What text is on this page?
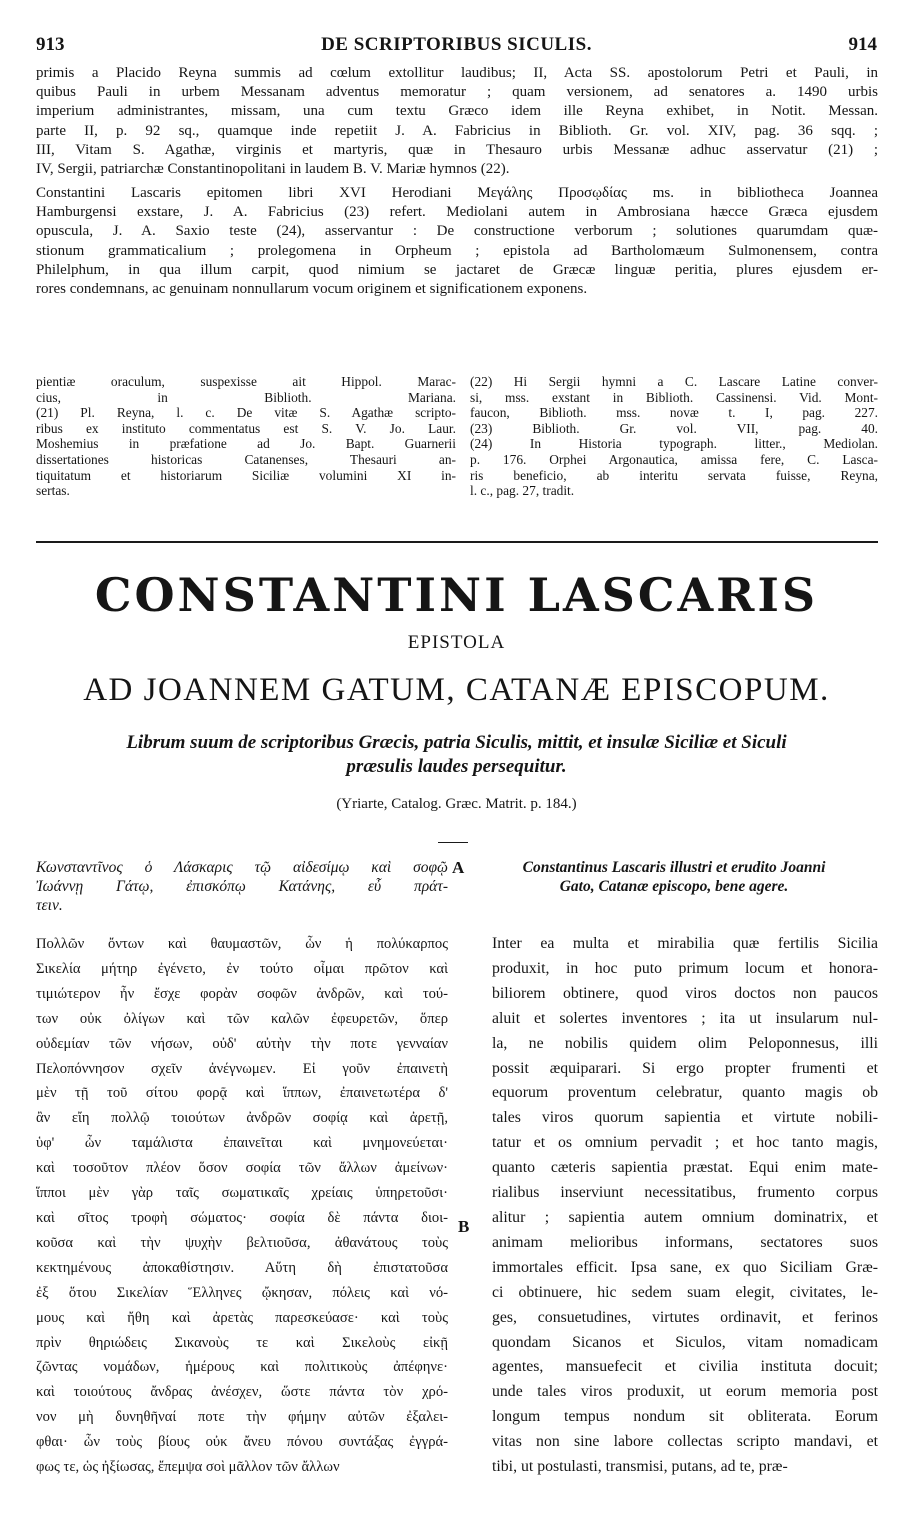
913	DE SCRIPTORIBUS SICULIS.	914
primis a Placido Reyna summis ad cœlum extollitur laudibus; II, Acta SS. apostolorum Petri et Pauli, in
quibus Pauli in urbem Messanam adventus memoratur ; quam versionem, ad senatores a. 1490 urbis
imperium administrantes, missam, una cum textu Græco idem ille Reyna exhibet, in Notit. Messan.
parte II, p. 92 sq., quamque inde repetiit J. A. Fabricius in Biblioth. Gr. vol. XIV, pag. 36 sqq. ;
III, Vitam S. Agathæ, virginis et martyris, quæ in Thesauro urbis Messanæ adhuc asservatur (21) ;
IV, Sergii, patriarchæ Constantinopolitani in laudem B. V. Mariæ hymnos (22).
Constantini Lascaris epitomen libri XVI Herodiani Μεγάλης Προσῳδίας ms. in bibliotheca Joannea
Hamburgensi exstare, J. A. Fabricius (23) refert. Mediolani autem in Ambrosiana hæcce Græca ejusdem
opuscula, J. A. Saxio teste (24), asservantur : De constructione verborum ; solutiones quarumdam quæ-
stionum grammaticalium ; prolegomena in Orpheum ; epistola ad Bartholomæum Sulmonensem, contra
Philelphum, in qua illum carpit, quod nimium se jactaret de Græcæ linguæ peritia, plures ejusdem er-
rores condemnans, ac genuinam nonnullarum vocum originem et significationem exponens.
pientiæ oraculum, suspexisse ait Hippol. Marac-
cius, in Biblioth. Mariana.
(21) Pl. Reyna, l. c. De vitæ S. Agathæ scripto-
ribus ex instituto commentatus est S. V. Jo. Laur.
Moshemius in præfatione ad Jo. Bapt. Guarnerii
dissertationes historicas Catanenses, Thesauri an-
tiquitatum et historiarum Siciliæ volumini XI in-
sertas.
(22) Hi Sergii hymni a C. Lascare Latine conver-
si, mss. exstant in Biblioth. Cassinensi. Vid. Mont-
faucon, Biblioth. mss. novæ t. I, pag. 227.
(23) Biblioth. Gr. vol. VII, pag. 40.
(24) In Historia typograph. litter., Mediolan.
p. 176. Orphei Argonautica, amissa fere, C. Lasca-
ris beneficio, ab interitu servata fuisse, Reyna,
l. c., pag. 27, tradit.
CONSTANTINI LASCARIS
EPISTOLA
AD JOANNEM GATUM, CATANÆ EPISCOPUM.
Librum suum de scriptoribus Græcis, patria Siculis, mittit, et insulæ Siciliæ et Siculi
præsulis laudes persequitur.
(Yriarte, Catalog. Græc. Matrit. p. 184.)
Κωνσταντῖνος ὁ Λάσκαρις τῷ αἰδεσίμῳ καὶ σοφῷ
Ἰωάννῃ Γάτῳ, ἐπισκόπῳ Κατάνης, εὖ πράτ-
τειν.
A	Constantinus Lascaris illustri et erudito Joanni
Gato, Catanæ episcopo, bene agere.
Πολλῶν ὄντων καὶ θαυμαστῶν, ὧν ἡ πολύκαρπος
Σικελία μήτηρ ἐγένετο, ἐν τούτο οἶμαι πρῶτον καὶ
τιμιώτερον ἦν ἔσχε φορὰν σοφῶν ἀνδρῶν, καὶ τού-
των οὐκ ὀλίγων καὶ τῶν καλῶν ἐφευρετῶν, ὅπερ
οὐδεμίαν τῶν νήσων, οὐδ' αὐτὴν τὴν ποτε γενναίαν
Πελοπόννησον σχεῖν ἀνέγνωμεν. Εἰ γοῦν ἐπαινετὴ
μὲν τῇ τοῦ σίτου φορᾷ καὶ ἵππων, ἐπαινετωτέρα δ'
ἂν εἴη πολλῷ τοιούτων ἀνδρῶν σοφίᾳ καὶ ἀρετῇ,
ὑφ' ὧν ταμάλιστα ἐπαινεῖται καὶ μνημονεύεται·
καὶ τοσοῦτον πλέον ὅσον σοφία τῶν ἄλλων ἀμείνων·
ἵπποι μὲν γὰρ ταῖς σωματικαῖς χρείαις ὑπηρετοῦσι·
καὶ σῖτος τροφὴ σώματος· σοφία δὲ πάντα διοι-
κοῦσα καὶ τὴν ψυχὴν βελτιοῦσα, ἀθανάτους τοὺς
κεκτημένους ἀποκαθίστησιν. Αὕτη δὴ ἐπιστατοῦσα
ἐξ ὅτου Σικελίαν Ἕλληνες ᾤκησαν, πόλεις καὶ νό-
μους καὶ ἤθη καὶ ἀρετὰς παρεσκεύασε· καὶ τοὺς
πρὶν θηριώδεις Σικανοὺς τε καὶ Σικελοὺς εἰκῇ
ζῶντας νομάδων, ἡμέρους καὶ πολιτικοὺς ἀπέφηνε·
καὶ τοιούτους ἄνδρας ἀνέσχεν, ὥστε πάντα τὸν χρό-
νον μὴ δυνηθῆναί ποτε τὴν φήμην αὐτῶν ἐξαλει-
φθαι· ὧν τοὺς βίους οὐκ ἄνευ πόνου συντάξας ἐγγρά-
φως τε, ὡς ἠξίωσας, ἔπεμψα σοὶ μᾶλλον τῶν ἄλλων
B
Inter ea multa et mirabilia quæ fertilis Sicilia
produxit, in hoc puto primum locum et honora-
biliorem obtinere, quod viros doctos non paucos
aluit et solertes inventores ; ita ut insularum nul-
la, ne nobilis quidem olim Peloponnesus, illi
possit æquiparari. Si ergo propter frumenti et
equorum proventum celebratur, quanto magis ob
tales viros quorum sapientia et virtute nobili-
tatur et os omnium pervadit ; et hoc tanto magis,
quanto cæteris sapientia præstat. Equi enim mate-
rialibus inserviunt necessitatibus, frumento corpus
alitur ; sapientia autem omnium dominatrix, et
animam melioribus informans, sectatores suos
immortales efficit. Ipsa sane, ex quo Siciliam Græ-
ci obtinuere, hic sedem suam elegit, civitates, le-
ges, consuetudines, virtutes ordinavit, et ferinos
quondam Sicanos et Siculos, vitam nomadicam
agentes, mansuefecit et civilia instituta docuit;
unde tales viros produxit, ut eorum memoria post
longum tempus nondum sit obliterata. Eorum
vitas non sine labore collectas scripto mandavi, et
tibi, ut postulasti, transmisi, putans, ad te, præ-
